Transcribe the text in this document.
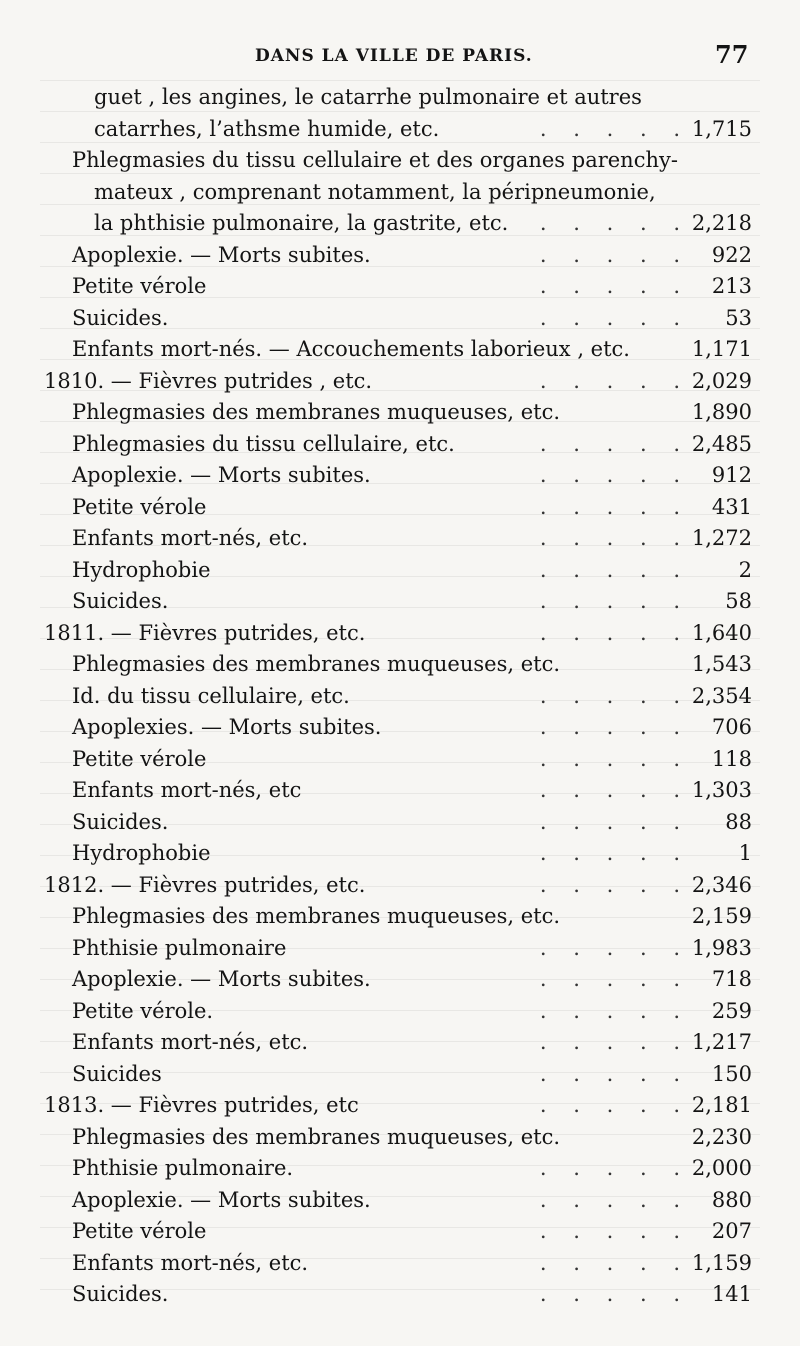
DANS LA VILLE DE PARIS.	77
guet , les angines, le catarrhe pulmonaire et autres
catarrhes, l’athsme humide, etc.	. . . . . 1,715
Phlegmasies du tissu cellulaire et des organes parenchy-
mateux , comprenant notamment, la péripneumonie,
la phthisie pulmonaire, la gastrite, etc. . . . . . 2,218
Apoplexie. — Morts subites.	. . . . . 922
Petite vérole	. . . . . 213
Suicides.	. . . . . 53
Enfants mort-nés. — Accouchements laborieux , etc.	1,171
1810. — Fièvres putrides , etc.	. . . . . 2,029
Phlegmasies des membranes muqueuses, etc.	1,890
Phlegmasies du tissu cellulaire, etc.	. . . . . 2,485
Apoplexie. — Morts subites.	. . . . . 912
Petite vérole	. . . . . 431
Enfants mort-nés, etc.	. . . . . 1,272
Hydrophobie	. . . . . 2
Suicides.	. . . . . 58
1811. — Fièvres putrides, etc.	. . . . . 1,640
Phlegmasies des membranes muqueuses, etc.	1,543
Id. du tissu cellulaire, etc.	. . . . . 2,354
Apoplexies. — Morts subites.	. . . . . 706
Petite vérole	. . . . . 118
Enfants mort-nés, etc	. . . . . 1,303
Suicides.	. . . . . 88
Hydrophobie	. . . . . 1
1812. — Fièvres putrides, etc.	. . . . . 2,346
Phlegmasies des membranes muqueuses, etc.	2,159
Phthisie pulmonaire	. . . . . 1,983
Apoplexie. — Morts subites.	. . . . . 718
Petite vérole.	. . . . . 259
Enfants mort-nés, etc.	. . . . . 1,217
Suicides	. . . . . 150
1813. — Fièvres putrides, etc	. . . . . 2,181
Phlegmasies des membranes muqueuses, etc.	2,230
Phthisie pulmonaire.	. . . . . 2,000
Apoplexie. — Morts subites.	. . . . . 880
Petite vérole	. . . . . 207
Enfants mort-nés, etc.	. . . . . 1,159
Suicides.	. . . . . 141
